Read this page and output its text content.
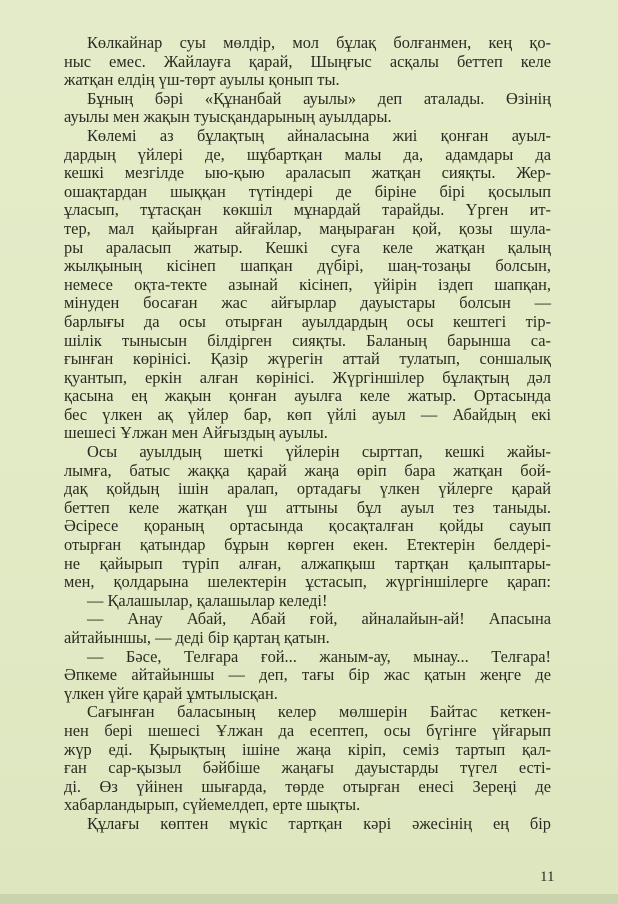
Көлкайнар суы мөлдір, мол бұлақ болғанмен, кең қо-
ныс емес. Жайлауға қарай, Шыңғыс асқалы беттеп келе
жатқан елдің үш-төрт ауылы қонып ты.
Бұның бәрі «Құнанбай ауылы» деп аталады. Өзінің
ауылы мен жақын туысқандарының ауылдары.
Көлемі аз бұлақтың айналасына жиі қонған ауыл-
дардың үйлері де, шұбартқан малы да, адамдары да
кешкі мезгілде ыю-қыю араласып жатқан сияқты. Жер-
ошақтардан шыққан түтіндері де біріне бірі қосылып
ұласып, тұтасқан көкшіл мұнардай тарайды. Үрген ит-
тер, мал қайырған айғайлар, маңыраған қой, қозы шула-
ры араласып жатыр. Кешкі суға келе жатқан қалың
жылқының кісінеп шапқан дүбірі, шаң-тозаңы болсын,
немесе оқта-текте азынай кісінеп, үйірін іздеп шапқан,
мінуден босаған жас айғырлар дауыстары болсын —
барлығы да осы отырған ауылдардың осы кештегі тір-
шілік тынысын білдірген сияқты. Баланың барынша са-
ғынған көрінісі. Қазір жүрегін аттай тулатып, соншалық
қуантып, еркін алған көрінісі. Жүргіншілер бұлақтың дәл
қасына ең жақын қонған ауылға келе жатыр. Ортасында
бес үлкен ақ үйлер бар, көп үйлі ауыл — Абайдың екі
шешесі Ұлжан мен Айғыздың ауылы.
Осы ауылдың шеткі үйлерін сырттап, кешкі жайы-
лымға, батыс жаққа қарай жаңа өріп бара жатқан бой-
дақ қойдың ішін аралап, ортадағы үлкен үйлерге қарай
беттеп келе жатқан үш аттыны бұл ауыл тез таныды.
Әсіресе қораның ортасында қосақталған қойды сауып
отырған қатындар бұрын көрген екен. Етектерін белдері-
не қайырып түріп алған, алжапқыш тартқан қалыптары-
мен, қолдарына шелектерін ұстасып, жүргіншілерге қарап:
— Қалашылар, қалашылар келеді!
— Анау Абай, Абай ғой, айналайын-ай! Апасына
айтайыншы, — деді бір қартаң қатын.
— Бәсе, Телғара ғой... жаным-ау, мынау... Телғара!
Әпкеме айтайыншы — деп, тағы бір жас қатын жеңге де
үлкен үйге қарай ұмтылысқан.
Сағынған баласының келер мөлшерін Байтас кеткен-
нен бері шешесі Ұлжан да есептеп, осы бүгінге үйғарып
жүр еді. Қырықтың ішіне жаңа кіріп, семіз тартып қал-
ған сар-қызыл бәйбіше жаңағы дауыстарды түгел есті-
ді. Өз үйінен шығарда, төрде отырған енесі Зереңі де
хабарландырып, сүйемелдеп, ерте шықты.
Құлағы көптен мүкіс тартқан кәрі әжесінің ең бір
11
